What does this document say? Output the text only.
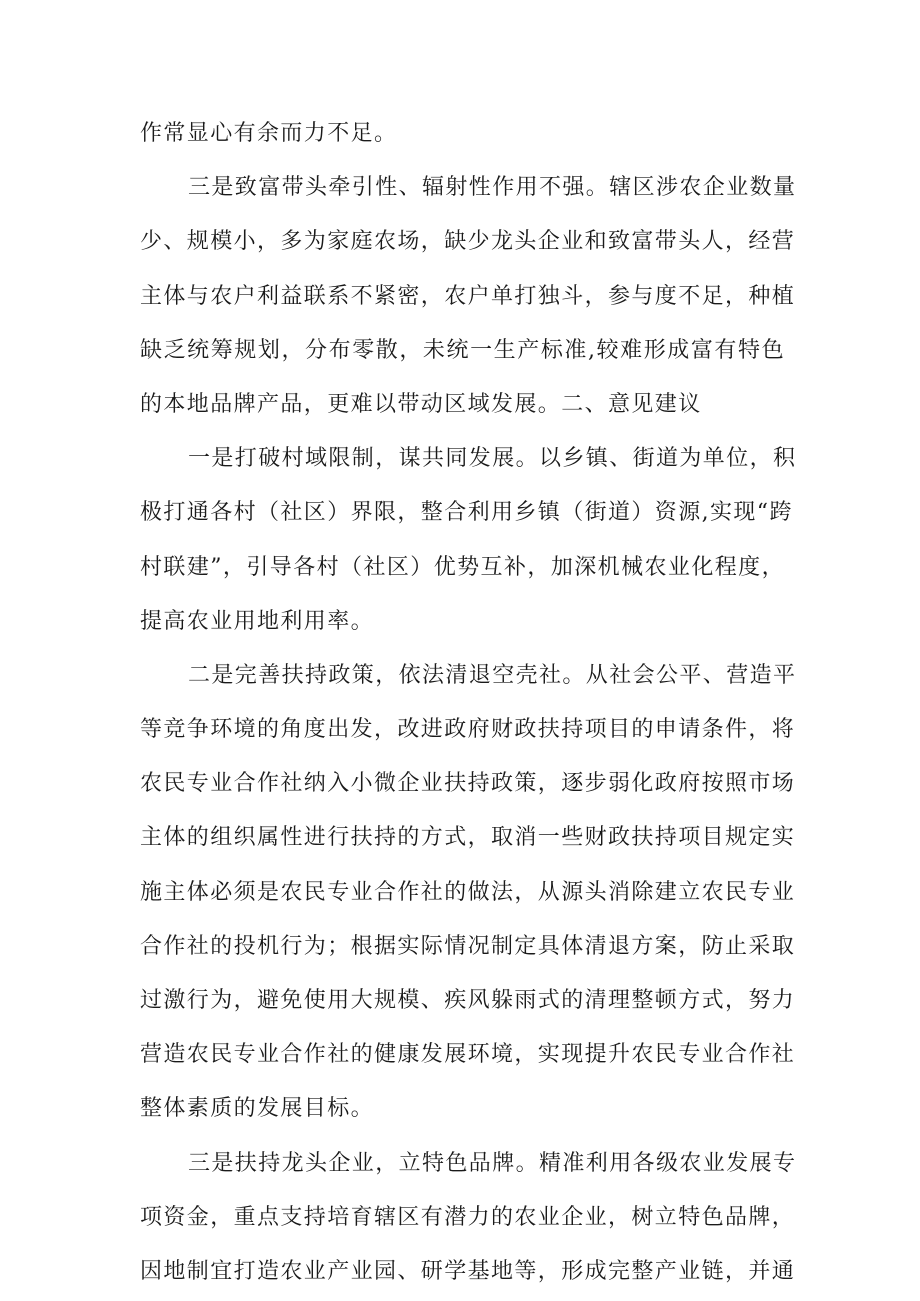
作常显心有余而力不足。
三是致富带头牵引性、辐射性作用不强。辖区涉农企业数量
少、规模小，多为家庭农场，缺少龙头企业和致富带头人，经营
主体与农户利益联系不紧密，农户单打独斗，参与度不足，种植
缺乏统筹规划，分布零散，未统一生产标准,较难形成富有特色
的本地品牌产品，更难以带动区域发展。二、意见建议
一是打破村域限制，谋共同发展。以乡镇、街道为单位，积
极打通各村（社区）界限，整合利用乡镇（街道）资源,实现“跨
村联建”，引导各村（社区）优势互补，加深机械农业化程度，
提高农业用地利用率。
二是完善扶持政策，依法清退空壳社。从社会公平、营造平
等竞争环境的角度出发，改进政府财政扶持项目的申请条件，将
农民专业合作社纳入小微企业扶持政策，逐步弱化政府按照市场
主体的组织属性进行扶持的方式，取消一些财政扶持项目规定实
施主体必须是农民专业合作社的做法，从源头消除建立农民专业
合作社的投机行为；根据实际情况制定具体清退方案，防止采取
过激行为，避免使用大规模、疾风躲雨式的清理整顿方式，努力
营造农民专业合作社的健康发展环境，实现提升农民专业合作社
整体素质的发展目标。
三是扶持龙头企业，立特色品牌。精准利用各级农业发展专
项资金，重点支持培育辖区有潜力的农业企业，树立特色品牌，
因地制宜打造农业产业园、研学基地等，形成完整产业链，并通
